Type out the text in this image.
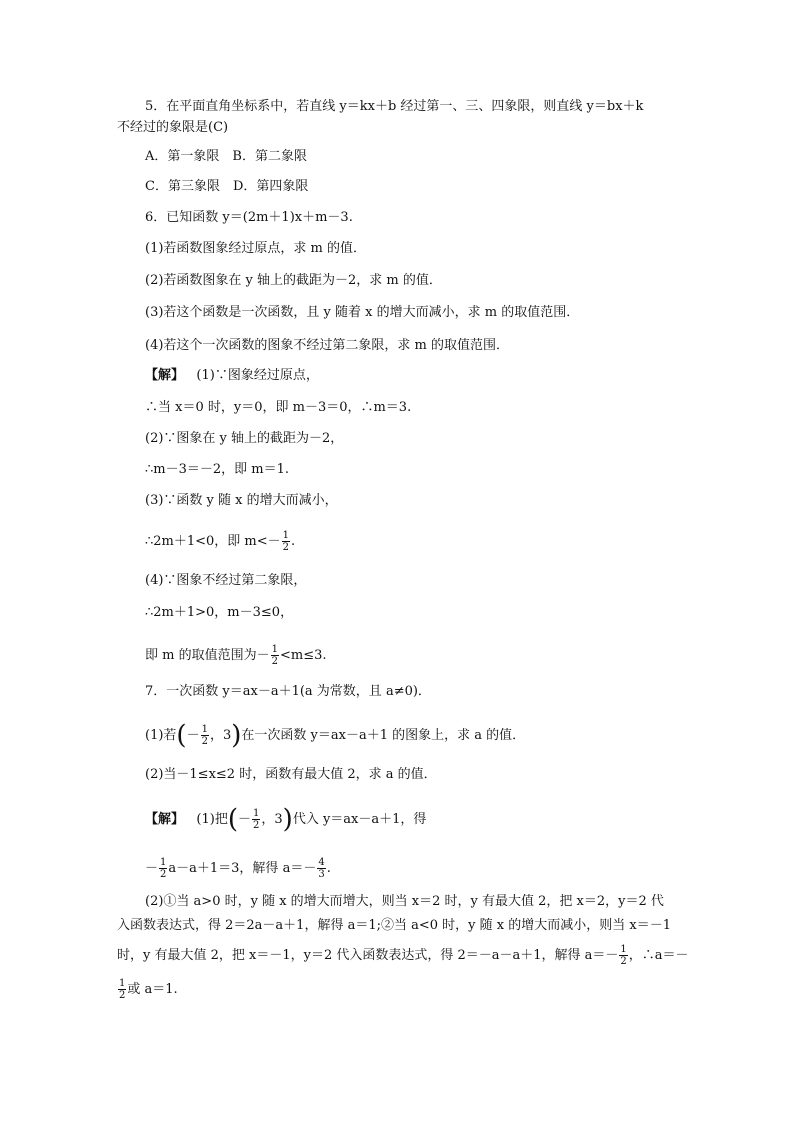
5．在平面直角坐标系中，若直线 y＝kx＋b 经过第一、三、四象限，则直线 y＝bx＋k
不经过的象限是(C)
A．第一象限　B．第二象限
C．第三象限　D．第四象限
6．已知函数 y＝(2m＋1)x＋m－3.
(1)若函数图象经过原点，求 m 的值．
(2)若函数图象在 y 轴上的截距为－2，求 m 的值．
(3)若这个函数是一次函数，且 y 随着 x 的增大而减小，求 m 的取值范围．
(4)若这个一次函数的图象不经过第二象限，求 m 的取值范围．
【解】 (1)∵图象经过原点，
∴当 x＝0 时，y＝0，即 m－3＝0，∴m＝3.
(2)∵图象在 y 轴上的截距为－2，
∴m－3＝－2，即 m＝1.
(3)∵函数 y 随 x 的增大而减小，
∴2m＋1<0，即 $m<- \frac{1}{2}$ .
(4)∵图象不经过第二象限，
∴2m＋1>0，m－3≤0，
即 m 的取值范围为－ $\frac{1}{2} <m\le 3$.
7．一次函数 y＝ax－a＋1(a 为常数，且 a≠0)．
(1)若(－ $\frac{1}{2}$ ，3)在一次函数 y＝ax－a＋1 的图象上，求 a 的值．
(2)当－1≤x≤2 时，函数有最大值 2，求 a 的值．
【解】 (1)把(－ $\frac{1}{2}$ ，3)代入 y＝ax－a＋1，得
－ $\frac{1}{2} a-a+1=3$，解得 $a=- \frac{4}{3}$ .
(2)①当 a>0 时，y 随 x 的增大而增大，则当 x＝2 时，y 有最大值 2，把 x＝2，y＝2 代
入函数表达式，得 2＝2a－a＋1，解得 a＝1;②当 a<0 时，y 随 x 的增大而减小，则当 x＝－1
时，y 有最大值 2，把 x＝－1，y＝2 代入函数表达式，得 2＝－a－a＋1，解得 $a=- \frac{1}{2}$ ，∴a＝－
$\frac{1}{2}$ 或 a＝1.
